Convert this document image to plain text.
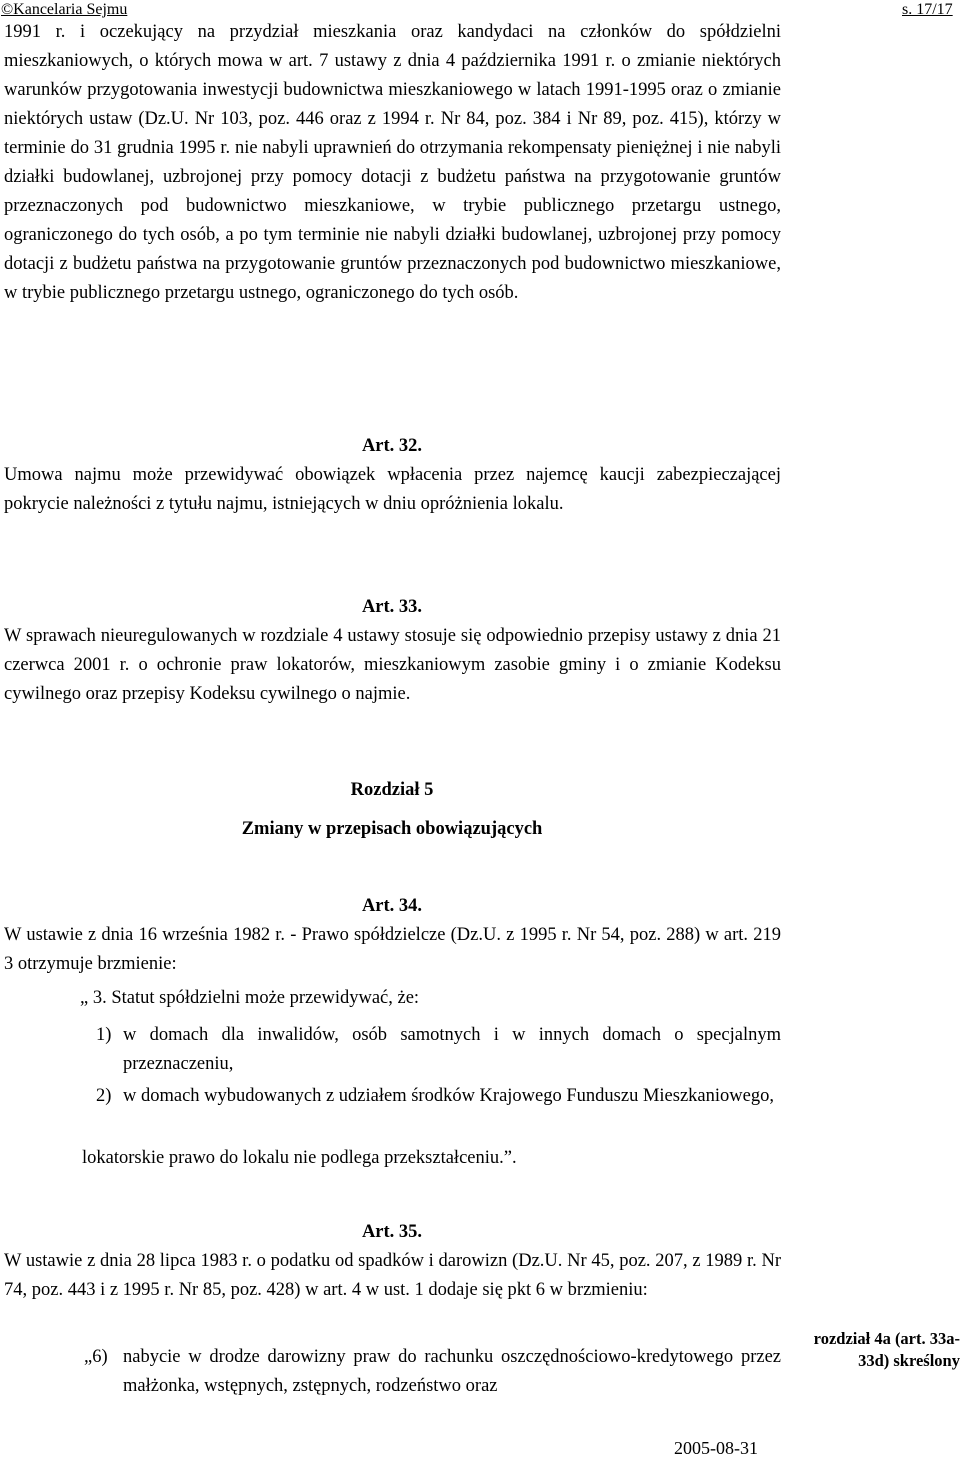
©Kancelaria Sejmu	s. 17/17

1991 r. i oczekujący na przydział mieszkania oraz kandydaci na członków do spółdzielni mieszkaniowych, o których mowa w art. 7 ustawy z dnia 4 października 1991 r. o zmianie niektórych warunków przygotowania inwestycji budownictwa mieszkaniowego w latach 1991-1995 oraz o zmianie niektórych ustaw (Dz.U. Nr 103, poz. 446 oraz z 1994 r. Nr 84, poz. 384 i Nr 89, poz. 415), którzy w terminie do 31 grudnia 1995 r. nie nabyli uprawnień do otrzymania rekompensaty pieniężnej i nie nabyli działki budowlanej, uzbrojonej przy pomocy dotacji z budżetu państwa na przygotowanie gruntów przeznaczonych pod budownictwo mieszkaniowe, w trybie publicznego przetargu ustnego, ograniczonego do tych osób, a po tym terminie nie nabyli działki budowlanej, uzbrojonej przy pomocy dotacji z budżetu państwa na przygotowanie gruntów przeznaczonych pod budownictwo mieszkaniowe, w trybie publicznego przetargu ustnego, ograniczonego do tych osób.

Art. 32.

Umowa najmu może przewidywać obowiązek wpłacenia przez najemcę kaucji zabezpieczającej pokrycie należności z tytułu najmu, istniejących w dniu opróżnienia lokalu.

Art. 33.

W sprawach nieuregulowanych w rozdziale 4 ustawy stosuje się odpowiednio przepisy ustawy z dnia 21 czerwca 2001 r. o ochronie praw lokatorów, mieszkaniowym zasobie gminy i o zmianie Kodeksu cywilnego oraz przepisy Kodeksu cywilnego o najmie.

Rozdział 5

Zmiany w przepisach obowiązujących

Art. 34.

W ustawie z dnia 16 września 1982 r. - Prawo spółdzielcze (Dz.U. z 1995 r. Nr 54, poz. 288) w art. 219 3 otrzymuje brzmienie:

„ 3. Statut spółdzielni może przewidywać, że:

1) w domach dla inwalidów, osób samotnych i w innych domach o specjalnym przeznaczeniu,
2) w domach wybudowanych z udziałem środków Krajowego Funduszu Mieszkaniowego,

lokatorskie prawo do lokalu nie podlega przekształceniu.”.

Art. 35.

W ustawie z dnia 28 lipca 1983 r. o podatku od spadków i darowizn (Dz.U. Nr 45, poz. 207, z 1989 r. Nr 74, poz. 443 i z 1995 r. Nr 85, poz. 428) w art. 4 w ust. 1 dodaje się pkt 6 w brzmieniu:

„6) nabycie w drodze darowizny praw do rachunku oszczędnościowo-kredytowego przez małżonka, wstępnych, zstępnych, rodzeństwo oraz
rozdział 4a (art. 33a-33d) skreślony
2005-08-31
